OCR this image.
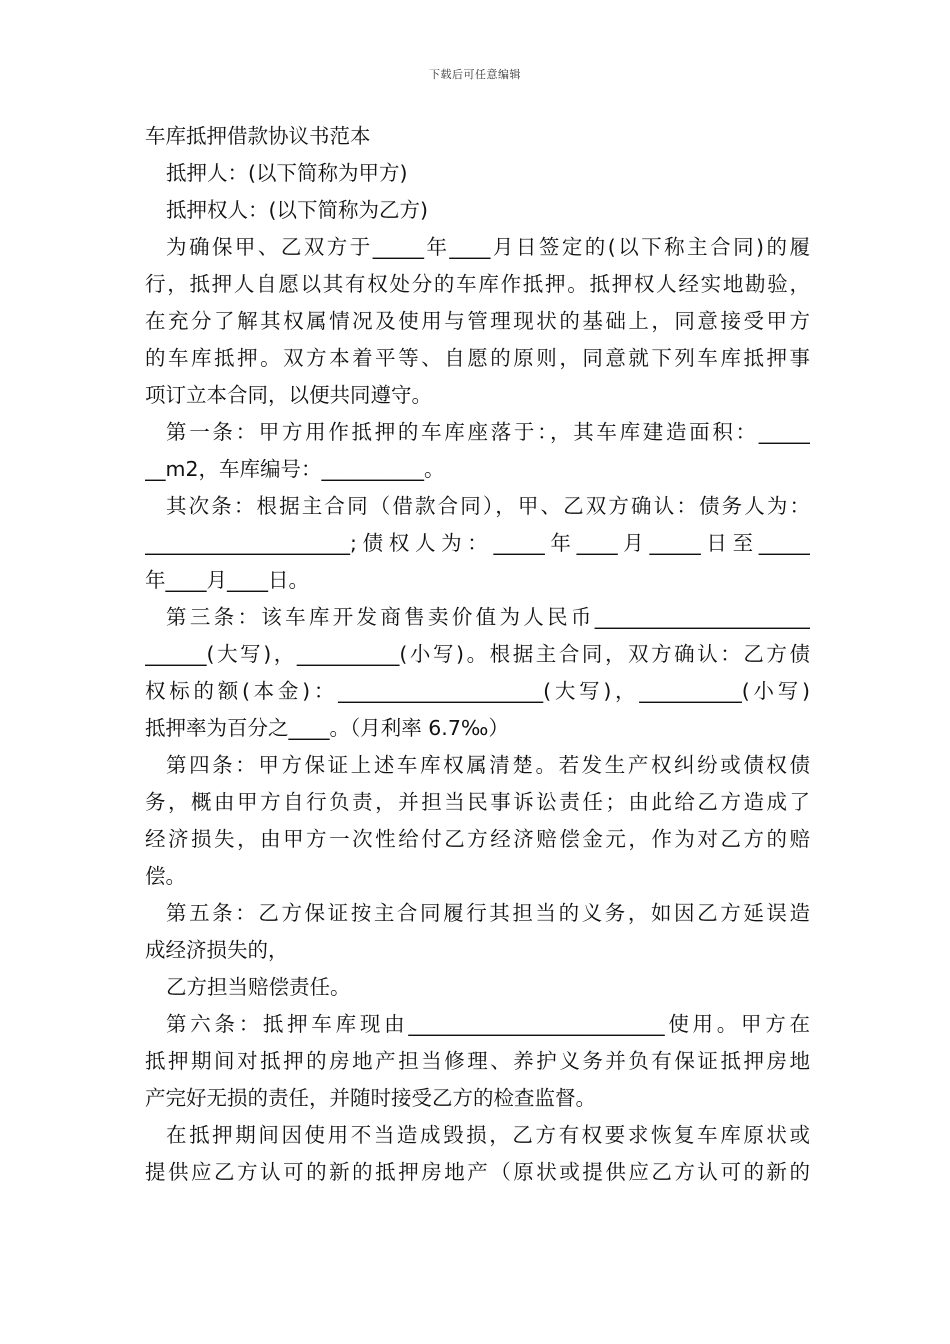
下载后可任意编辑

车库抵押借款协议书范本

抵押人：(以下简称为甲方)

抵押权人：(以下简称为乙方)

为确保甲、乙双方于_____年____月日签定的(以下称主合同)的履

行，抵押人自愿以其有权处分的车库作抵押。抵押权人经实地勘验，

在充分了解其权属情况及使用与管理现状的基础上，同意接受甲方

的车库抵押。双方本着平等、自愿的原则，同意就下列车库抵押事

项订立本合同，以便共同遵守。

第一条：甲方用作抵押的车库座落于：，其车库建造面积：_____

__m2，车库编号：__________。

其次条：根据主合同（借款合同），甲、乙双方确认：债务人为：

____________________;债权人为：_____年____月_____日至_____

年____月____日。

第三条：该车库开发商售卖价值为人民币_____________________

______(大写)，__________(小写)。根据主合同，双方确认：乙方债

权标的额(本金)：____________________(大写)，__________(小写)

抵押率为百分之____。（月利率 6.7‰）

第四条：甲方保证上述车库权属清楚。若发生产权纠纷或债权债

务，概由甲方自行负责，并担当民事诉讼责任；由此给乙方造成了

经济损失，由甲方一次性给付乙方经济赔偿金元，作为对乙方的赔

偿。

第五条：乙方保证按主合同履行其担当的义务，如因乙方延误造

成经济损失的，

乙方担当赔偿责任。

第六条：抵押车库现由_________________________使用。甲方在

抵押期间对抵押的房地产担当修理、养护义务并负有保证抵押房地

产完好无损的责任，并随时接受乙方的检查监督。

在抵押期间因使用不当造成毁损，乙方有权要求恢复车库原状或

提供应乙方认可的新的抵押房地产（原状或提供应乙方认可的新的
